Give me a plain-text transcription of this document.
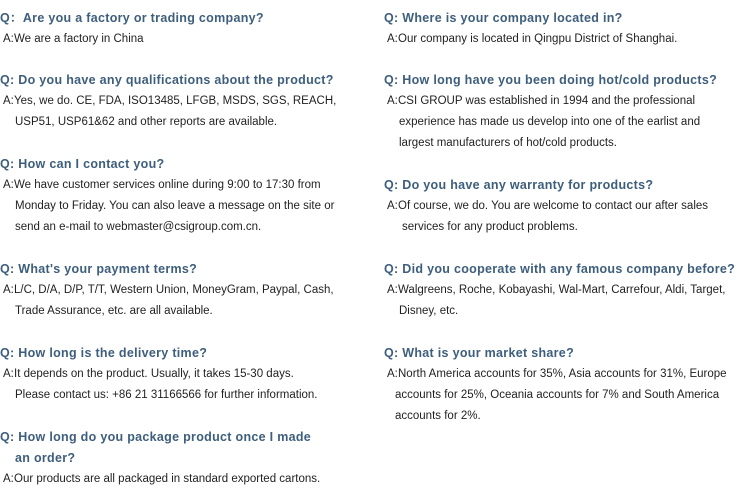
Q：Are you a factory or trading company?
A: We are a factory in China
Q: Do you have any qualifications about the product?
A: Yes, we do. CE, FDA, ISO13485, LFGB, MSDS, SGS, REACH,
USP51, USP61&62 and other reports are available.
Q: How can I contact you?
A: We have customer services online during 9:00 to 17:30 from
Monday to Friday. You can also leave a message on the site or
send an e-mail to webmaster@csigroup.com.cn.
Q: What's your payment terms?
A: L/C, D/A, D/P, T/T, Western Union, MoneyGram, Paypal, Cash,
Trade Assurance, etc. are all available.
Q: How long is the delivery time?
A: It depends on the product. Usually, it takes 15-30 days.
Please contact us: +86 21 31166566 for further information.
Q: How long do you package product once I made
an order?
A: Our products are all packaged in standard exported cartons.
Q: Where is your company located in?
A: Our company is located in Qingpu District of Shanghai.
Q: How long have you been doing hot/cold products?
A: CSI GROUP was established in 1994 and the professional
experience has made us develop into one of the earlist and
largest manufacturers of hot/cold products.
Q: Do you have any warranty for products?
A: Of course, we do. You are welcome to contact our after sales
services for any product problems.
Q: Did you cooperate with any famous company before?
A: Walgreens, Roche, Kobayashi, Wal-Mart, Carrefour, Aldi, Target,
Disney, etc.
Q: What is your market share?
A: North America accounts for 35%, Asia accounts for 31%, Europe
accounts for 25%, Oceania accounts for 7% and South America
accounts for 2%.
